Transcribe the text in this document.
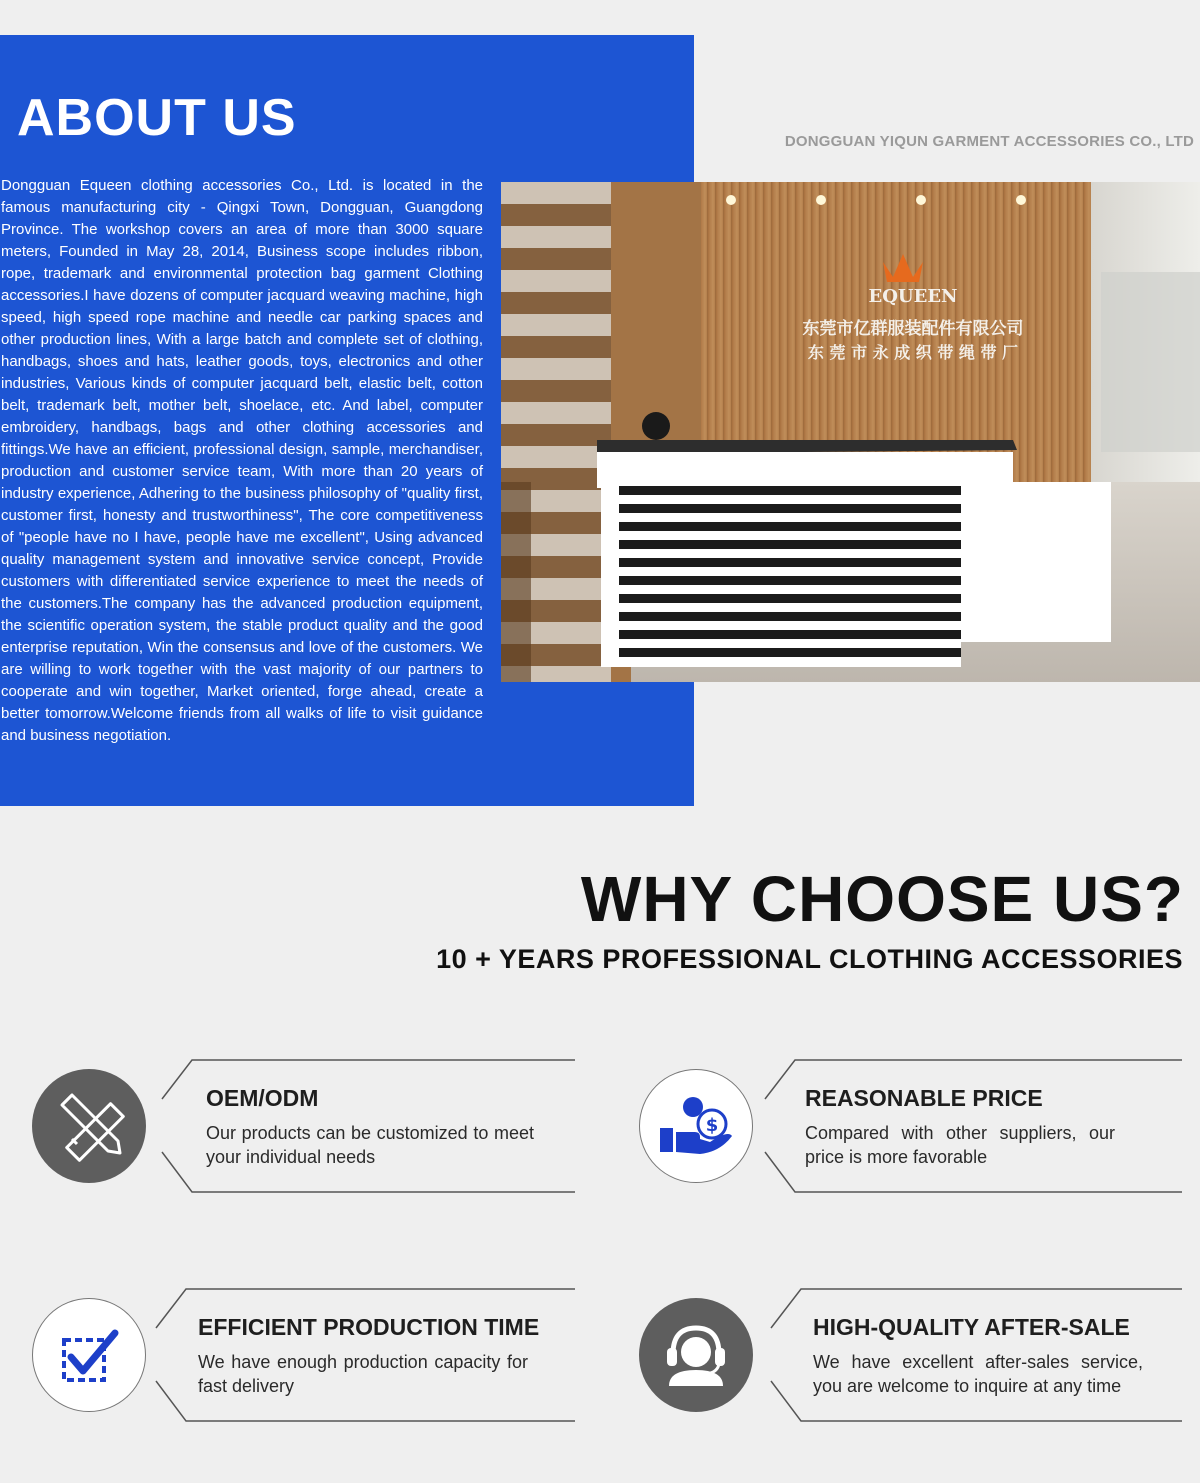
ABOUT US	DONGGUAN YIQUN GARMENT ACCESSORIES CO., LTD

Dongguan Equeen clothing accessories Co., Ltd. is located in the famous manufacturing city - Qingxi Town, Dongguan, Guangdong Province. The workshop covers an area of more than 3000 square meters, Founded in May 28, 2014, Business scope includes ribbon, rope, trademark and environmental protection bag garment Clothing accessories.I have dozens of computer jacquard weaving machine, high speed, high speed rope machine and needle car parking spaces and other production lines, With a large batch and complete set of clothing, handbags, shoes and hats, leather goods, toys, electronics and other industries, Various kinds of computer jacquard belt, elastic belt, cotton belt, trademark belt, mother belt, shoelace, etc. And label, computer embroidery, handbags, bags and other clothing accessories and fittings.We have an efficient, professional design, sample, merchandiser, production and customer service team, With more than 20 years of industry experience, Adhering to the business philosophy of "quality first, customer first, honesty and trustworthiness", The core competitiveness of "people have no I have, people have me excellent", Using advanced quality management system and innovative service concept, Provide customers with differentiated service experience to meet the needs of the customers.The company has the advanced production equipment, the scientific operation system, the stable product quality and the good enterprise reputation, Win the consensus and love of the customers. We are willing to work together with the vast majority of our partners to cooperate and win together, Market oriented, forge ahead, create a better tomorrow.Welcome friends from all walks of life to visit guidance and business negotiation.

EQUEEN
东莞市亿群服装配件有限公司
东 莞 市 永 成 织 带 绳 带 厂
WHY CHOOSE US?
10 + YEARS PROFESSIONAL CLOTHING ACCESSORIES
OEM/ODM
Our products can be customized to meet your individual needs
$
REASONABLE PRICE
Compared with other suppliers, our price is more favorable
EFFICIENT PRODUCTION TIME
We have enough production capacity for fast delivery
HIGH-QUALITY AFTER-SALE
We have excellent after-sales service, you are welcome to inquire at any time
